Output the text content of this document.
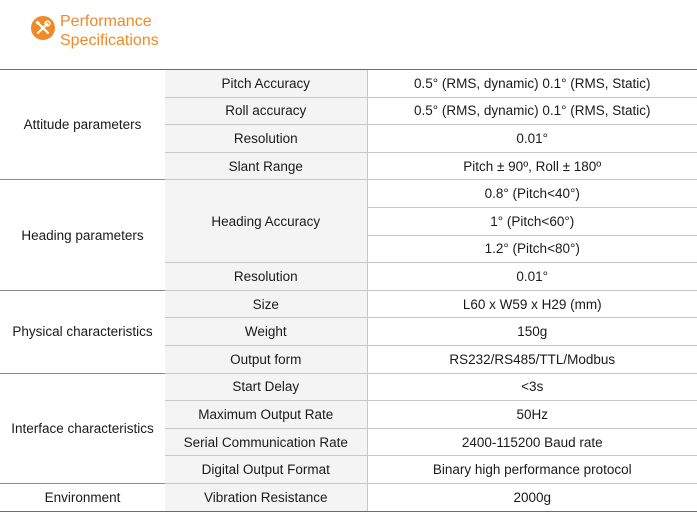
Performance
Specifications
Attitude parameters	Pitch Accuracy	0.5° (RMS, dynamic) 0.1° (RMS, Static)
	Roll accuracy	0.5° (RMS, dynamic) 0.1° (RMS, Static)
	Resolution	0.01°
	Slant Range	Pitch ± 90º, Roll ± 180º
Heading parameters	Heading Accuracy	0.8° (Pitch<40°)
		1° (Pitch<60°)
		1.2° (Pitch<80°)
	Resolution	0.01°
Physical characteristics	Size	L60 x W59 x H29 (mm)
	Weight	150g
	Output form	RS232/RS485/TTL/Modbus
Interface characteristics	Start Delay	<3s
	Maximum Output Rate	50Hz
	Serial Communication Rate	2400-115200 Baud rate
	Digital Output Format	Binary high performance protocol
Environment	Vibration Resistance	2000g
